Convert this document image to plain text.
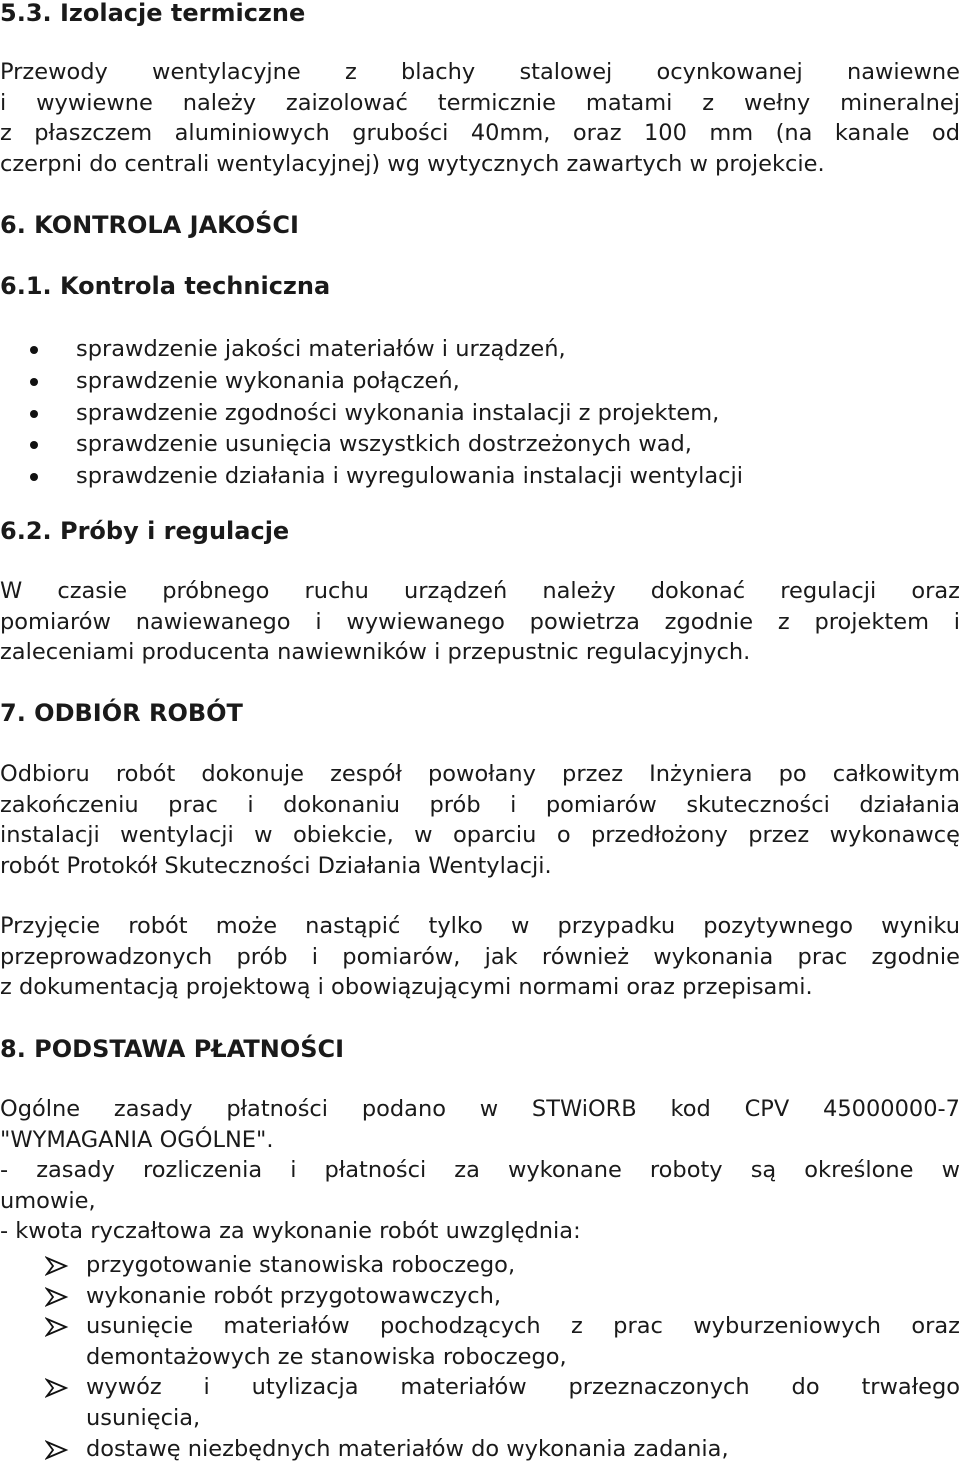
5.3. Izolacje termiczne
Przewody wentylacyjne z blachy stalowej ocynkowanej nawiewne
i wywiewne należy zaizolować termicznie matami z wełny mineralnej
z płaszczem aluminiowych grubości 40mm, oraz 100 mm (na kanale od
czerpni do centrali wentylacyjnej) wg wytycznych zawartych w projekcie.
6. KONTROLA JAKOŚCI
6.1. Kontrola techniczna
sprawdzenie jakości materiałów i urządzeń,
sprawdzenie wykonania połączeń,
sprawdzenie zgodności wykonania instalacji z projektem,
sprawdzenie usunięcia wszystkich dostrzeżonych wad,
sprawdzenie działania i wyregulowania instalacji wentylacji
6.2. Próby i regulacje
W czasie próbnego ruchu urządzeń należy dokonać regulacji oraz
pomiarów nawiewanego i wywiewanego powietrza zgodnie z projektem i
zaleceniami producenta nawiewników i przepustnic regulacyjnych.
7. ODBIÓR ROBÓT
Odbioru robót dokonuje zespół powołany przez Inżyniera po całkowitym
zakończeniu prac i dokonaniu prób i pomiarów skuteczności działania
instalacji wentylacji w obiekcie, w oparciu o przedłożony przez wykonawcę
robót Protokół Skuteczności Działania Wentylacji.
Przyjęcie robót może nastąpić tylko w przypadku pozytywnego wyniku
przeprowadzonych prób i pomiarów, jak również wykonania prac zgodnie
z dokumentacją projektową i obowiązującymi normami oraz przepisami.
8. PODSTAWA PŁATNOŚCI
Ogólne zasady płatności podano w STWiORB kod CPV 45000000-7
"WYMAGANIA OGÓLNE".
- zasady rozliczenia i płatności za wykonane roboty są określone w
umowie,
- kwota ryczałtowa za wykonanie robót uwzględnia:
przygotowanie stanowiska roboczego,
wykonanie robót przygotowawczych,
usunięcie materiałów pochodzących z prac wyburzeniowych oraz
demontażowych ze stanowiska roboczego,
wywóz i utylizacja materiałów przeznaczonych do trwałego
usunięcia,
dostawę niezbędnych materiałów do wykonania zadania,
